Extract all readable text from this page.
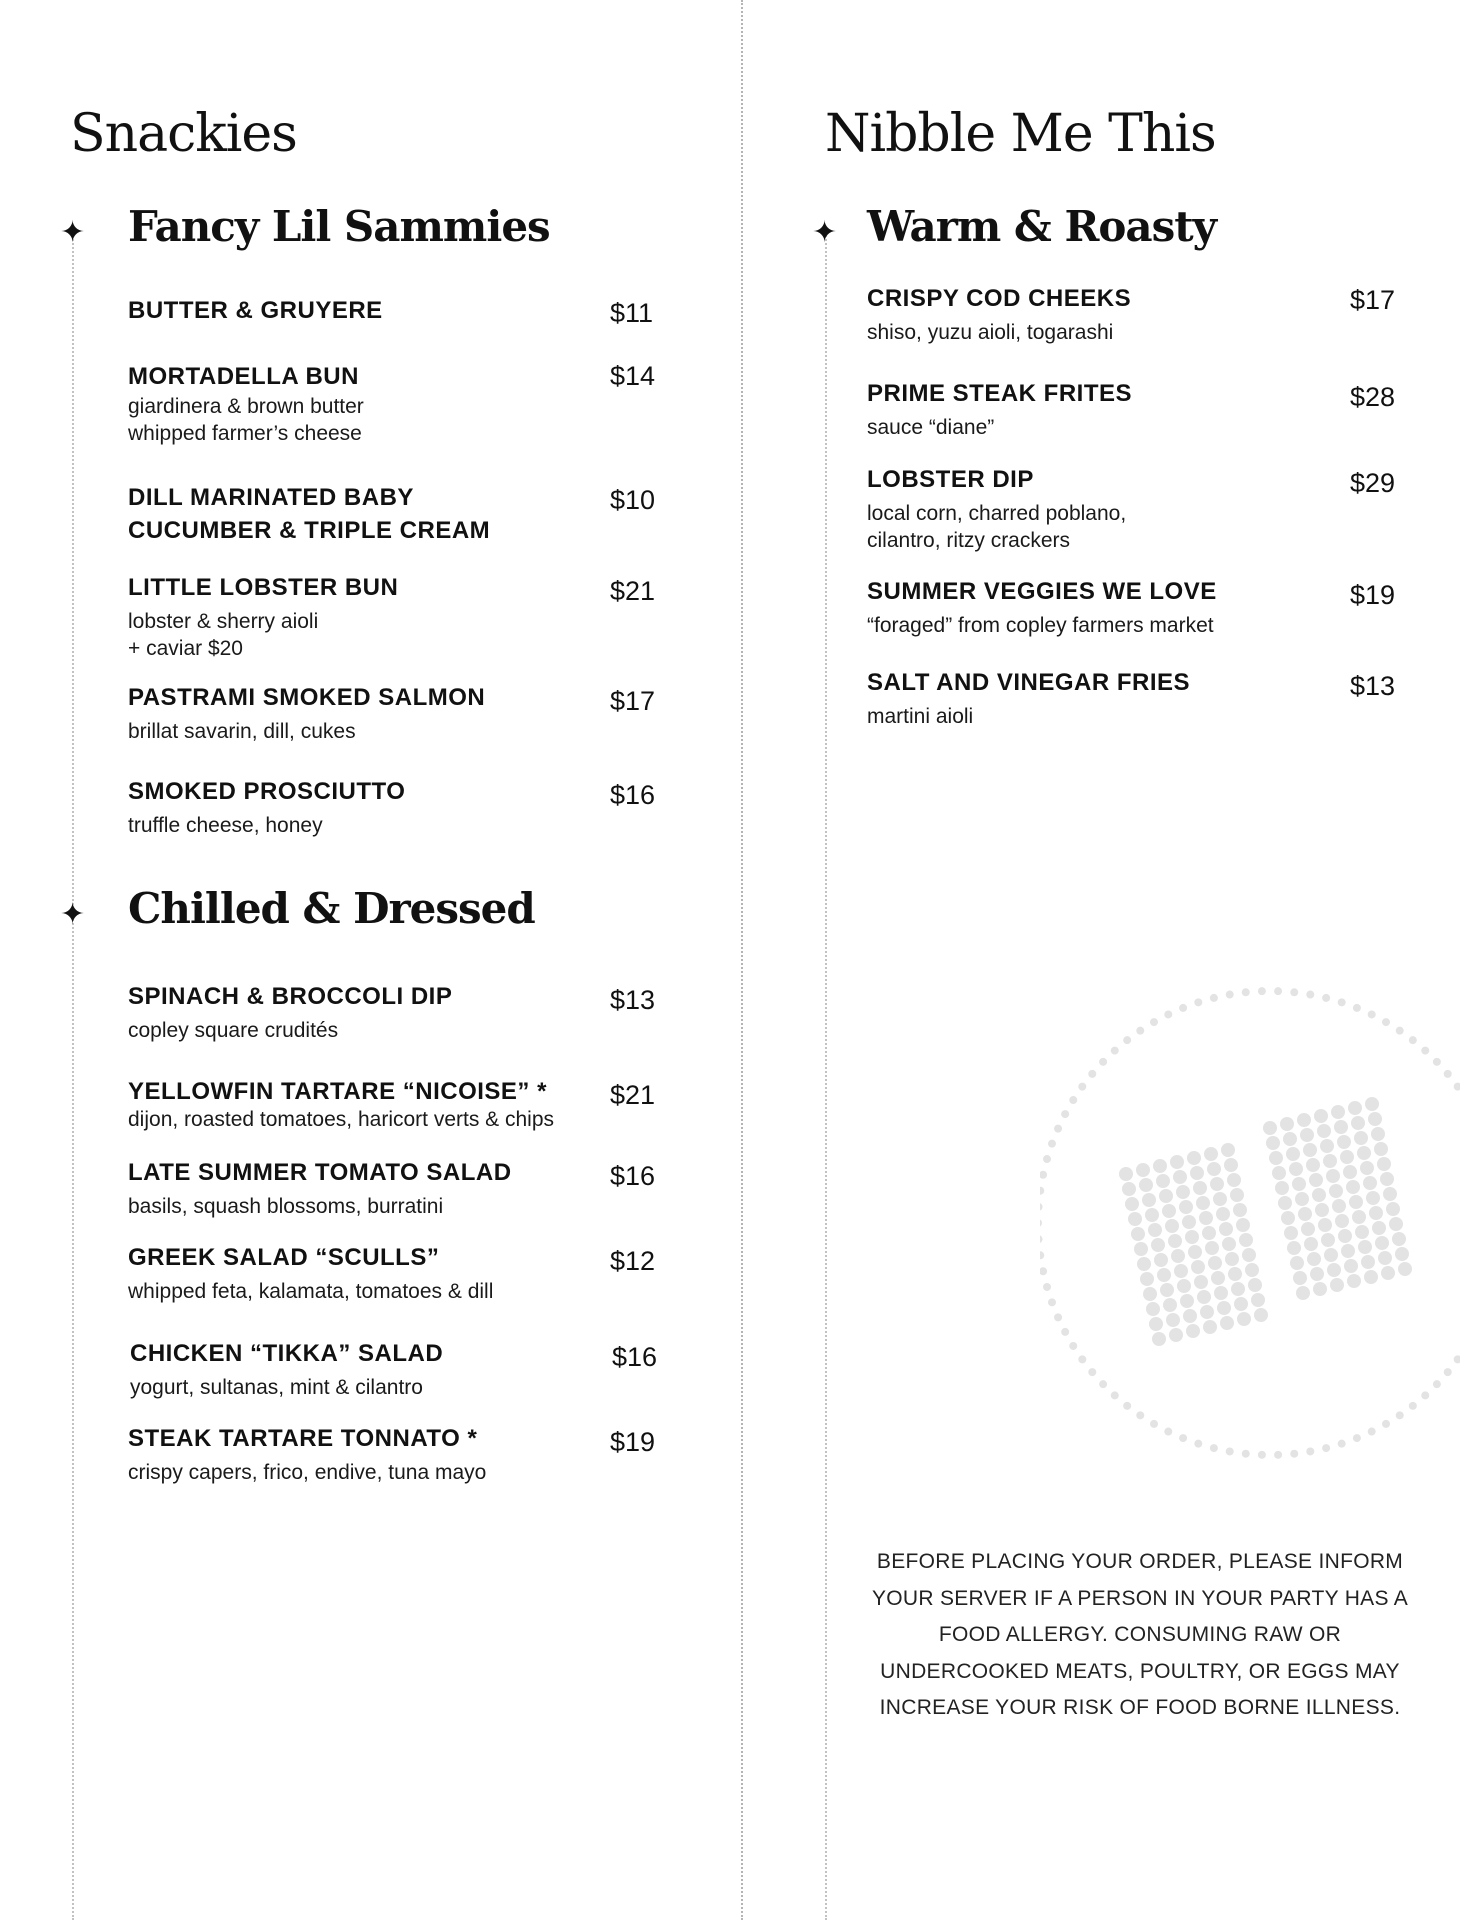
Snackies
✦ Fancy Lil Sammies
BUTTER & GRUYERE	$11
MORTADELLA BUN
giardinera & brown butter
whipped farmer’s cheese
$14
DILL MARINATED BABY
CUCUMBER & TRIPLE CREAM
$10
LITTLE LOBSTER BUN
lobster & sherry aioli
+ caviar $20
$21
PASTRAMI SMOKED SALMON
brillat savarin, dill, cukes
$17
SMOKED PROSCIUTTO
truffle cheese, honey
$16
✦ Chilled & Dressed
SPINACH & BROCCOLI DIP
copley square crudités
$13
YELLOWFIN TARTARE “NICOISE” *
dijon, roasted tomatoes, haricort verts & chips
$21
LATE SUMMER TOMATO SALAD
basils, squash blossoms, burratini
$16
GREEK SALAD “SCULLS”
whipped feta, kalamata, tomatoes & dill
$12
CHICKEN “TIKKA” SALAD
yogurt, sultanas, mint & cilantro
$16
STEAK TARTARE TONNATO *
crispy capers, frico, endive, tuna mayo
$19
Nibble Me This
✦ Warm & Roasty
CRISPY COD CHEEKS
shiso, yuzu aioli, togarashi
$17
PRIME STEAK FRITES
sauce “diane”
$28
LOBSTER DIP
local corn, charred poblano,
cilantro, ritzy crackers
$29
SUMMER VEGGIES WE LOVE
“foraged” from copley farmers market
$19
SALT AND VINEGAR FRIES
martini aioli
$13
BEFORE PLACING YOUR ORDER, PLEASE INFORM
YOUR SERVER IF A PERSON IN YOUR PARTY HAS A
FOOD ALLERGY. CONSUMING RAW OR
UNDERCOOKED MEATS, POULTRY, OR EGGS MAY
INCREASE YOUR RISK OF FOOD BORNE ILLNESS.
